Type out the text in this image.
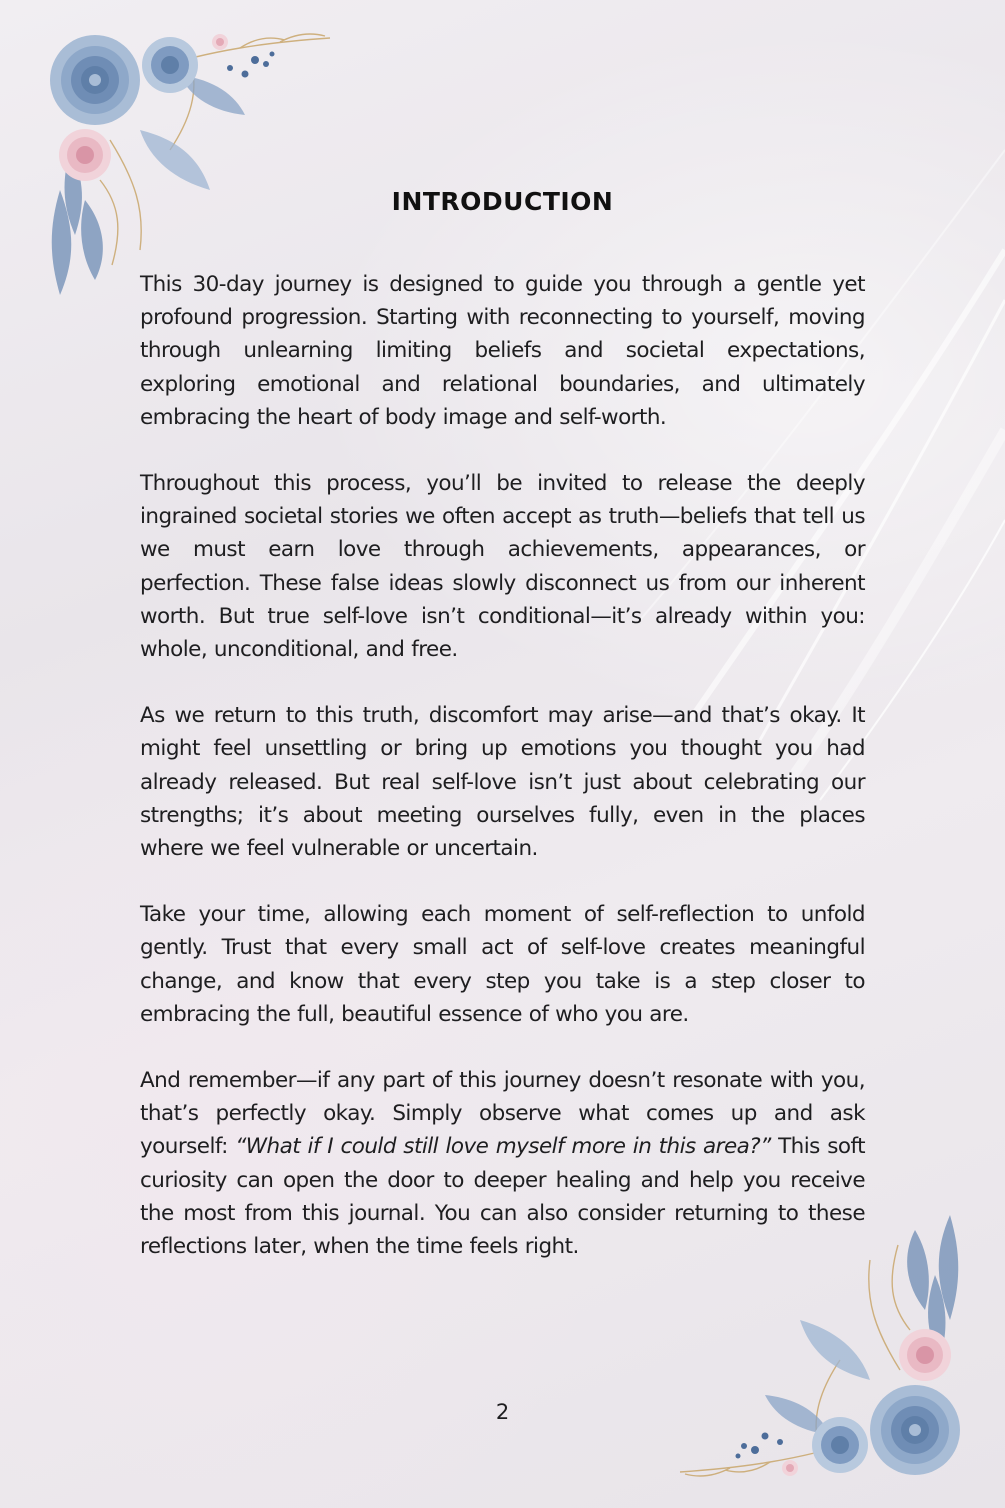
INTRODUCTION

This 30-day journey is designed to guide you through a gentle yet profound progression. Starting with reconnecting to yourself, moving through unlearning limiting beliefs and societal expectations, exploring emotional and relational boundaries, and ultimately embracing the heart of body image and self-worth.

Throughout this process, you’ll be invited to release the deeply ingrained societal stories we often accept as truth—beliefs that tell us we must earn love through achievements, appearances, or perfection. These false ideas slowly disconnect us from our inherent worth. But true self-love isn’t conditional—it’s already within you: whole, unconditional, and free.

As we return to this truth, discomfort may arise—and that’s okay. It might feel unsettling or bring up emotions you thought you had already released. But real self-love isn’t just about celebrating our strengths; it’s about meeting ourselves fully, even in the places where we feel vulnerable or uncertain.

Take your time, allowing each moment of self-reflection to unfold gently. Trust that every small act of self-love creates meaningful change, and know that every step you take is a step closer to embracing the full, beautiful essence of who you are.

And remember—if any part of this journey doesn’t resonate with you, that’s perfectly okay. Simply observe what comes up and ask yourself: “What if I could still love myself more in this area?” This soft curiosity can open the door to deeper healing and help you receive the most from this journal. You can also consider returning to these reflections later, when the time feels right.

2
